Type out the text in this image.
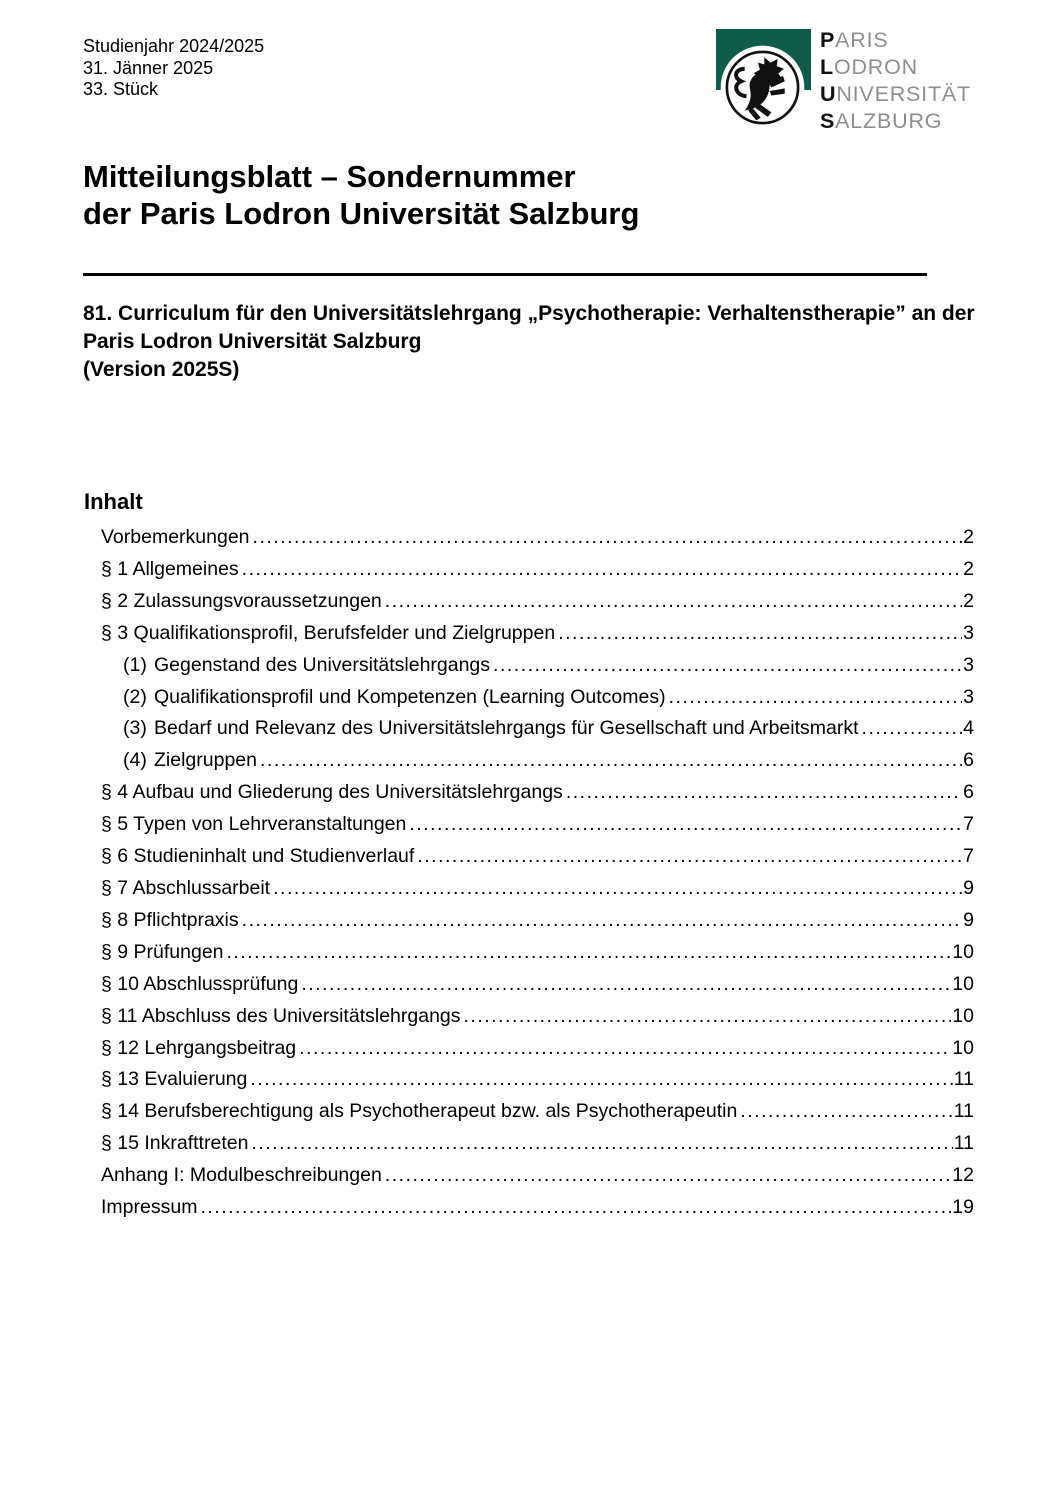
Studienjahr 2024/2025
31. Jänner 2025
33. Stück
PARIS
LODRON
UNIVERSITÄT
SALZBURG
Mitteilungsblatt – Sondernummer
der Paris Lodron Universität Salzburg
81. Curriculum für den Universitätslehrgang „Psychotherapie: Verhaltenstherapie” an der
Paris Lodron Universität Salzburg
(Version 2025S)
Inhalt
Vorbemerkungen .....	2
§ 1 Allgemeines .....	2
§ 2 Zulassungsvoraussetzungen .....	2
§ 3 Qualifikationsprofil, Berufsfelder und Zielgruppen .....	3
(1) Gegenstand des Universitätslehrgangs .....	3
(2) Qualifikationsprofil und Kompetenzen (Learning Outcomes) .....	3
(3) Bedarf und Relevanz des Universitätslehrgangs für Gesellschaft und Arbeitsmarkt .....	4
(4) Zielgruppen .....	6
§ 4 Aufbau und Gliederung des Universitätslehrgangs .....	6
§ 5 Typen von Lehrveranstaltungen .....	7
§ 6 Studieninhalt und Studienverlauf .....	7
§ 7 Abschlussarbeit .....	9
§ 8 Pflichtpraxis .....	9
§ 9 Prüfungen .....	10
§ 10 Abschlussprüfung .....	10
§ 11 Abschluss des Universitätslehrgangs .....	10
§ 12 Lehrgangsbeitrag .....	10
§ 13 Evaluierung .....	11
§ 14 Berufsberechtigung als Psychotherapeut bzw. als Psychotherapeutin .....	11
§ 15 Inkrafttreten .....	11
Anhang I: Modulbeschreibungen .....	12
Impressum .....	19
